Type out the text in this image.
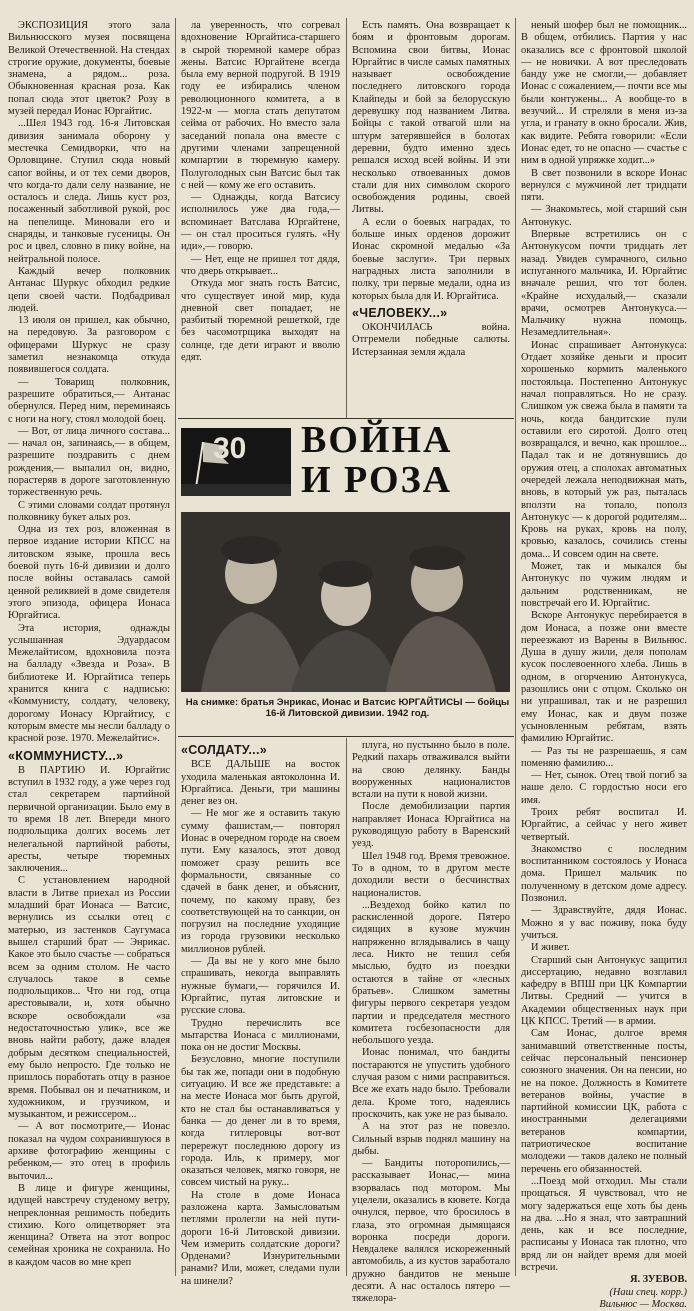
ЭКСПОЗИЦИЯ этого зала Вильнюсского музея посвящена Великой Отечественной. На стендах строгие оружие, документы, боевые знамена, а рядом... роза. Обыкновенная красная роза. Как попал сюда этот цветок? Розу в музей передал Ионас Юргайтис.

...Шел 1943 год. 16-я Литовская дивизия занимала оборону у местечка Семидворки, что на Орловщине. Ступил сюда новый сапог войны, и от тех семи дворов, что когда-то дали селу название, не осталось и следа. Лишь куст роз, посаженный заботливой рукой, рос на пепелище. Миновали его и снаряды, и танковые гусеницы. Он рос и цвел, словно в пику войне, на нейтральной полосе.

Каждый вечер полковник Антанас Шуркус обходил редкие цепи своей части. Подбадривал людей.

13 июля он пришел, как обычно, на передовую. За разговором с офицерами Шуркус не сразу заметил незнакомца откуда появившегося солдата.

— Товарищ полковник, разрешите обратиться,— Антанас обернулся. Перед ним, переминаясь с ноги на ногу, стоял молодой боец.

— Вот, от лица личного состава...— начал он, запинаясь,— в общем, разрешите поздравить с днем рождения,— выпалил он, видно, порастеряв в дороге заготовленную торжественную речь.

С этими словами солдат протянул полковнику букет алых роз.

Одна из тех роз, вложенная в первое издание истории КПСС на литовском языке, прошла весь боевой путь 16-й дивизии и долго после войны оставалась самой ценной реликвией в доме свидетеля этого эпизода, офицера Ионаса Юргайтиса.

Эта история, однажды услышанная Эдуардасом Межелайтисом, вдохновила поэта на балладу «Звезда и Роза». В библиотеке И. Юргайтиса теперь хранится книга с надписью: «Коммунисту, солдату, человеку, дорогому Ионасу Юргайтису, с которым вместе мы несли балладу о красной розе. 1970. Межелайтис».

«КОММУНИСТУ...»

В ПАРТИЮ И. Юргайтис вступил в 1932 году, а уже через год стал секретарем партийной первичной организации. Было ему в то время 18 лет. Впереди много подпольщика долгих восемь лет нелегальной партийной работы, аресты, четыре тюремных заключения...

С установлением народной власти в Литве приехал из России младший брат Ионаса — Ватсис, вернулись из ссылки отец с матерью, из застенков Саугумаса вышел старший брат — Энрикас. Какое это было счастье — собраться всем за одним столом. Не часто случалось такое в семье подпольщиков... Что ни год, отца арестовывали, и, хотя обычно вскоре освобождали «за недостаточностью улик», все же вновь найти работу, даже владея добрым десятком специальностей, ему было непросто. Где только не пришлось поработать отцу в разное время. Побывал он и печатником, и художником, и грузчиком, и музыкантом, и режиссером...

— А вот посмотрите,— Ионас показал на чудом сохранившуюся в архиве фотографию женщины с ребенком,— это отец в профиль выточил...

В лице и фигуре женщины, идущей навстречу студеному ветру, непреклонная решимость победить стихию. Кого олицетворяет эта женщина? Ответа на этот вопрос семейная хроника не сохранила. Но в каждом часов во мне креп

ла уверенность, что согревал вдохновение Юргайтиса-старшего в сырой тюремной камере образ жены. Ватсис Юргайтене всегда была ему верной подругой. В 1919 году ее избирались членом революционного комитета, а в 1922-м — могла стать депутатом сейма от рабочих. Но вместо зала заседаний попала она вместе с другими членами запрещенной компартии в тюремную камеру. Полуголодных сын Ватсис был так с ней — кому же его оставить.

— Однажды, когда Ватсису исполнилось уже два года,— вспоминает Ватслава Юргайтене,— он стал проситься гулять. «Ну иди»,— говорю.

— Нет, еще не пришел тот дядя, что дверь открывает...

Откуда мог знать гость Ватсис, что существует иной мир, куда дневной свет попадает, не разбитый тюремной решеткой, где без часомотрщика выходят на солнце, где дети играют и вволю едят.

Есть память. Она возвращает к боям и фронтовым дорогам. Вспомина свои битвы, Ионас Юргайтис в числе самых памятных называет освобождение последнего литовского города Клайпеды и бой за белорусскую деревушку под названием Литва. Бойцы с такой отвагой шли на штурм затерявшейся в болотах деревни, будто именно здесь решался исход всей войны. И эти несколько отвоеванных домов стали для них символом скорого освобождения родины, своей Литвы.

А если о боевых наградах, то больше иных орденов дорожит Ионас скромной медалью «За боевые заслуги». Три первых наградных листа заполнили в полку, три первые медали, одна из которых была для И. Юргайтиса.

«ЧЕЛОВЕКУ...»

ОКОНЧИЛАСЬ война. Отгремели победные салюты. Истерзанная земля ждала

30 ВОЙНА
И РОЗА
На снимке: братья Энрикас, Ионас и Ватсис ЮРГАЙТИСЫ — бойцы 16-й Литовской дивизии. 1942 год.
«СОЛДАТУ...»

ВСЕ ДАЛЬШЕ на восток уходила маленькая автоколонна И. Юргайтиса. Деньги, три машины денег вез он.

— Не мог же я оставить такую сумму фашистам,— повторял Ионас в очередном городе на своем пути. Ему казалось, этот довод поможет сразу решить все формальности, связанные со сдачей в банк денег, и объяснит, почему, по какому праву, без соответствующей на то санкции, он погрузил на последние уходящие из города грузовики несколько миллионов рублей.

— Да вы не у кого мне было спрашивать, некогда выправлять нужные бумаги,— горячился И. Юргайтис, путая литовские и русские слова.

Трудно перечислить все мытарства Ионаса с миллионами, пока он не достиг Москвы.

Безусловно, многие поступили бы так же, попади они в подобную ситуацию. И все же представьте: а на месте Ионаса мог быть другой, кто не стал бы останавливаться у банка — до денег ли в то время, когда гитлеровцы вот-вот перережут последнюю дорогу из города. Иль, к примеру, мог оказаться человек, мягко говоря, не совсем чистый на руку...

На столе в доме Ионаса разложена карта. Замысловатым петлями пролегли на ней пути-дороги 16-й Литовской дивизии. Чем измерить солдатские дороги? Орденами? Изнурительными ранами? Или, может, следами пули на шинели?

плуга, но пустынно было в поле. Редкий пахарь отваживался выйти на свою делянку. Банды вооруженных националистов встали на пути к новой жизни.

После демобилизации партия направляет Ионаса Юргайтиса на руководящую работу в Варенский уезд.

Шел 1948 год. Время тревожное. То в одном, то в другом месте доходили вести о бесчинствах националистов.

...Вездеход бойко катил по раскисленной дороге. Пятеро сидящих в кузове мужчин напряженно вглядывались в чащу леса. Никто не тешил себя мыслью, будто из поездки остаются в тайне от «лесных братьев». Слишком заметны фигуры первого секретаря уездом партии и председателя местного комитета госбезопасности для небольшого уезда.

Ионас понимал, что бандиты постараются не упустить удобного случая разом с ними расправиться. Все же ехать надо было. Требовали дела. Кроме того, надеялись проскочить, как уже не раз бывало.

А на этот раз не повезло. Сильный взрыв поднял машину на дыбы.

— Бандиты поторопились,— рассказывает Ионас,— мина взорвалась под мотором. Мы уцелели, оказались в кювете. Когда очнулся, первое, что бросилось в глаза, это огромная дымящаяся воронка посреди дороги. Невдалеке валялся искореженный автомобиль, а из кустов заработало дружно бандитов не меньше десяти. А нас осталось пятеро — тяжелора-

неный шофер был не помощник... В общем, отбились. Партия у нас оказались все с фронтовой школой — не новички. А вот преследовать банду уже не смогли,— добавляет Ионас с сожалением,— почти все мы были контужены... А вообще-то в везучий... И стреляли в меня из-за угла, и гранату в окно бросали. Жив, как видите. Ребята говорили: «Если Ионас едет, то не опасно — счастье с ним в одной упряжке ходит...»

В свет позвонили в вскоре Ионас вернулся с мужчиной лет тридцати пяти.

— Знакомьтесь, мой старший сын Антонукус.

Впервые встретились он с Антонукусом почти тридцать лет назад. Увидев сумрачного, сильно испуганного мальчика, И. Юргайтис вначале решил, что тот болен. «Крайне исхудалый,— сказали врачи, осмотрев Антонукуса.— Мальчику нужна помощь. Незамедлительная».

Ионас спрашивает Антонукуса: Отдает хозяйке деньги и просит хорошенько кормить маленького постояльца. Постепенно Антонукус начал поправляться. Но не сразу. Слишком уж свежа была в памяти та ночь, когда бандитские пули оставили его сиротой. Долго отец возвращался, и вечно, как прошлое... Падал так и не дотянувшись до оружия отец, а сполохах автоматных очередей лежала неподвижная мать, вновь, в который уж раз, пыталась вползти на топало, пополз Антонукус — к дорогой родителям... Кровь на руках, кровь на полу, кровью, казалось, сочились стены дома... И совсем один на свете.

Может, так и мыкался бы Антонукус по чужим людям и дальним родственникам, не повстречай его И. Юргайтис.

Вскоре Антонукус перебирается в дом Ионаса, а позже они вместе переезжают из Варены в Вильнюс. Душа в душу жили, деля пополам кусок послевоенного хлеба. Лишь в одном, в огорчению Антонукуса, разошлись они с отцом. Сколько он ни упрашивал, так и не разрешил ему Ионас, как и двум позже усыновленным ребятам, взять фамилию Юргайтис.

— Раз ты не разрешаешь, я сам поменяю фамилию...

— Нет, сынок. Отец твой погиб за наше дело. С гордостью носи его имя.

Троих ребят воспитал И. Юргайтис, а сейчас у него живет четвертый.

Знакомство с последним воспитанником состоялось у Ионаса дома. Пришел мальчик по полученному в детском доме адресу. Позвонил.

— Здравствуйте, дядя Ионас. Можно я у вас поживу, пока буду учиться.

И живет.

Старший сын Антонукус защитил диссертацию, недавно возглавил кафедру в ВПШ при ЦК Компартии Литвы. Средний — учится в Академии общественных наук при ЦК КПСС. Третий — в армии.

Сам Ионас, долгое время занимавший ответственные посты, сейчас персональный пенсионер союзного значения. Он на пенсии, но не на покое. Должность в Комитете ветеранов войны, участие в партийной комиссии ЦК, работа с иностранными делегациями ветеранов компартии, патриотическое воспитание молодежи — таков далеко не полный перечень его обязанностей.

...Поезд мой отходил. Мы стали прощаться. Я чувствовал, что не могу задержаться еще хоть бы день на два. ...Но я знал, что завтрашний день, как и все последние, расписаны у Ионаса так плотно, что вряд ли он найдет время для моей встречи.

Я. ЗУЕВОВ.
(Наш спец. корр.)
Вильнюс — Москва.
